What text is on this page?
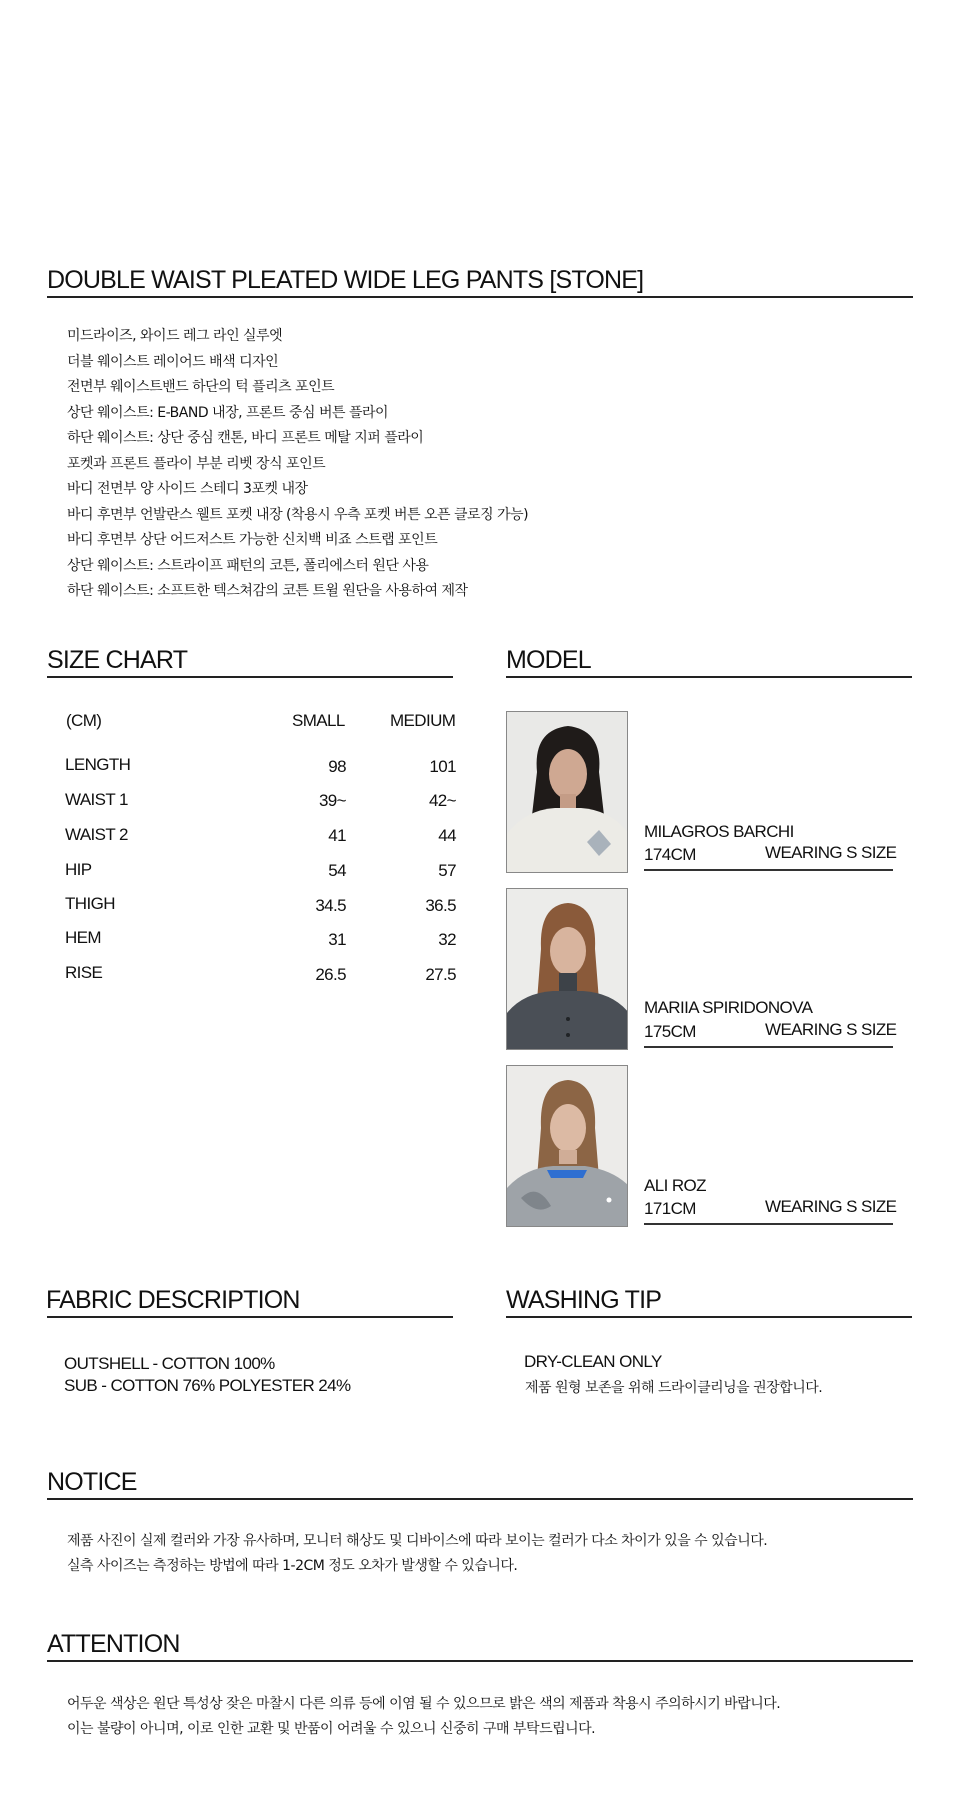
DOUBLE WAIST PLEATED WIDE LEG PANTS [STONE]
미드라이즈, 와이드 레그 라인 실루엣
더블 웨이스트 레이어드 배색 디자인
전면부 웨이스트밴드 하단의 턱 플리츠 포인트
상단 웨이스트: E-BAND 내장, 프론트 중심 버튼 플라이
하단 웨이스트: 상단 중심 캔톤, 바디 프론트 메탈 지퍼 플라이
포켓과 프론트 플라이 부분 리벳 장식 포인트
바디 전면부 양 사이드 스테디 3포켓 내장
바디 후면부 언발란스 웰트 포켓 내장 (착용시 우측 포켓 버튼 오픈 클로징 가능)
바디 후면부 상단 어드저스트 가능한 신치백 비죠 스트랩 포인트
상단 웨이스트: 스트라이프 패턴의 코튼, 폴리에스터 원단 사용
하단 웨이스트: 소프트한 텍스쳐감의 코튼 트윌 원단을 사용하여 제작
SIZE CHART
(CM)	SMALL	MEDIUM
LENGTH	98	101
WAIST 1	39~	42~
WAIST 2	41	44
HIP	54	57
THIGH	34.5	36.5
HEM	31	32
RISE	26.5	27.5
MODEL
MILAGROS BARCHI
174CM	WEARING S SIZE
MARIIA SPIRIDONOVA
175CM	WEARING S SIZE
ALI ROZ
171CM	WEARING S SIZE
FABRIC DESCRIPTION
OUTSHELL - COTTON 100%
SUB - COTTON 76% POLYESTER 24%
WASHING TIP
DRY-CLEAN ONLY
제품 원형 보존을 위해 드라이클리닝을 권장합니다.
NOTICE
제품 사진이 실제 컬러와 가장 유사하며, 모니터 해상도 및 디바이스에 따라 보이는 컬러가 다소 차이가 있을 수 있습니다.
실측 사이즈는 측정하는 방법에 따라 1-2CM 정도 오차가 발생할 수 있습니다.
ATTENTION
어두운 색상은 원단 특성상 잦은 마찰시 다른 의류 등에 이염 될 수 있으므로 밝은 색의 제품과 착용시 주의하시기 바랍니다.
이는 불량이 아니며, 이로 인한 교환 및 반품이 어려울 수 있으니 신중히 구매 부탁드립니다.
